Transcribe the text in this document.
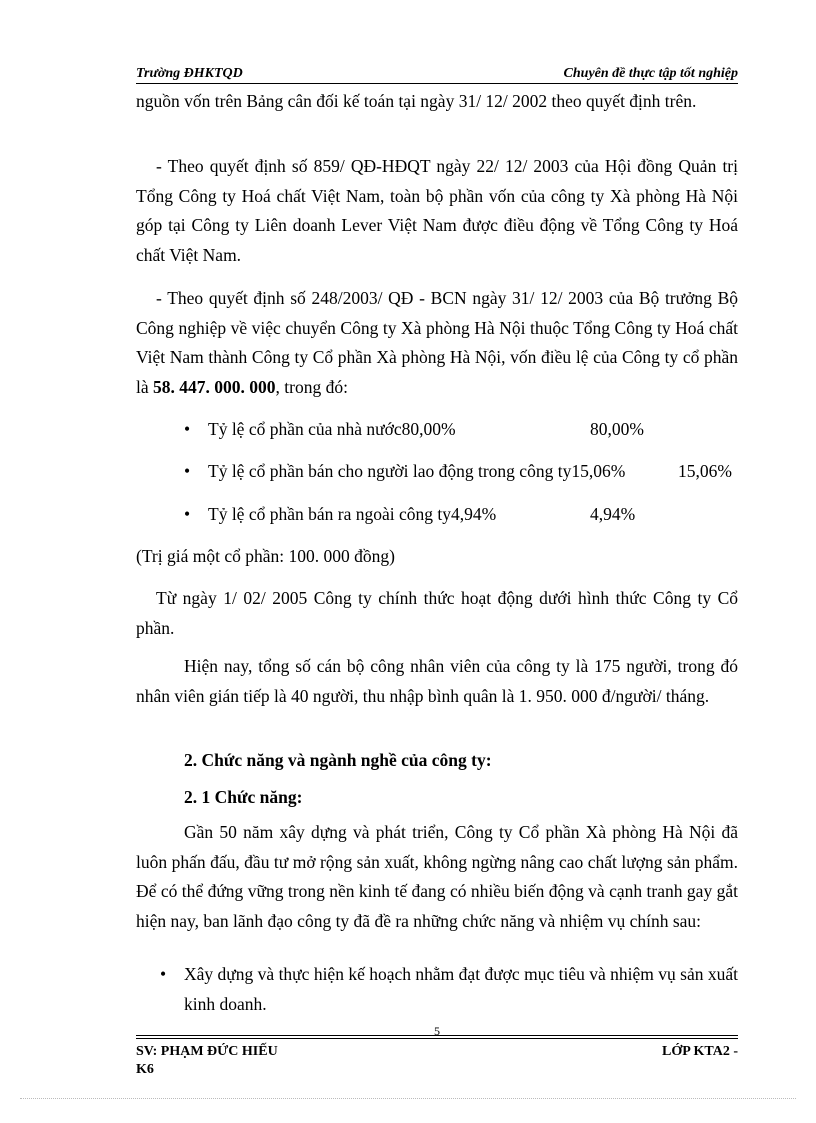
Trường ĐHKTQD	Chuyên đề thực tập tốt nghiệp

nguồn vốn trên Bảng cân đối kế toán tại ngày 31/ 12/ 2002 theo quyết định trên.

- Theo quyết định số 859/ QĐ-HĐQT ngày 22/ 12/ 2003 của Hội đồng Quản trị Tổng Công ty Hoá chất Việt Nam, toàn bộ phần vốn của công ty Xà phòng Hà Nội góp tại Công ty Liên doanh Lever Việt Nam được điều động về Tổng Công ty Hoá chất Việt Nam.

- Theo quyết định số 248/2003/ QĐ - BCN ngày 31/ 12/ 2003 của Bộ trưởng Bộ Công nghiệp về việc chuyển Công ty Xà phòng Hà Nội thuộc Tổng Công ty Hoá chất Việt Nam thành Công ty Cổ phần Xà phòng Hà Nội, vốn điều lệ của Công ty cổ phần là 58. 447. 000. 000, trong đó:

• Tỷ lệ cổ phần của nhà nước80,00%	80,00%
• Tỷ lệ cổ phần bán cho người lao động trong công ty15,06%	15,06%
• Tỷ lệ cổ phần bán ra ngoài công ty4,94%	4,94%

(Trị giá một cổ phần: 100. 000 đồng)

Từ ngày 1/ 02/ 2005 Công ty chính thức hoạt động dưới hình thức Công ty Cổ phần.

Hiện nay, tổng số cán bộ công nhân viên của công ty là 175 người, trong đó nhân viên gián tiếp là 40 người, thu nhập bình quân là 1. 950. 000 đ/người/ tháng.

2. Chức năng và ngành nghề của công ty:
2. 1 Chức năng:

Gần 50 năm xây dựng và phát triển, Công ty Cổ phần Xà phòng Hà Nội đã luôn phấn đấu, đầu tư mở rộng sản xuất, không ngừng nâng cao chất lượng sản phẩm. Để có thể đứng vững trong nền kinh tế đang có nhiều biến động và cạnh tranh gay gắt hiện nay, ban lãnh đạo công ty đã đề ra những chức năng và nhiệm vụ chính sau:

• Xây dựng và thực hiện kế hoạch nhằm đạt được mục tiêu và nhiệm vụ sản xuất kinh doanh.

5
SV: PHẠM ĐỨC HIẾU	LỚP KTA2 -
K6
